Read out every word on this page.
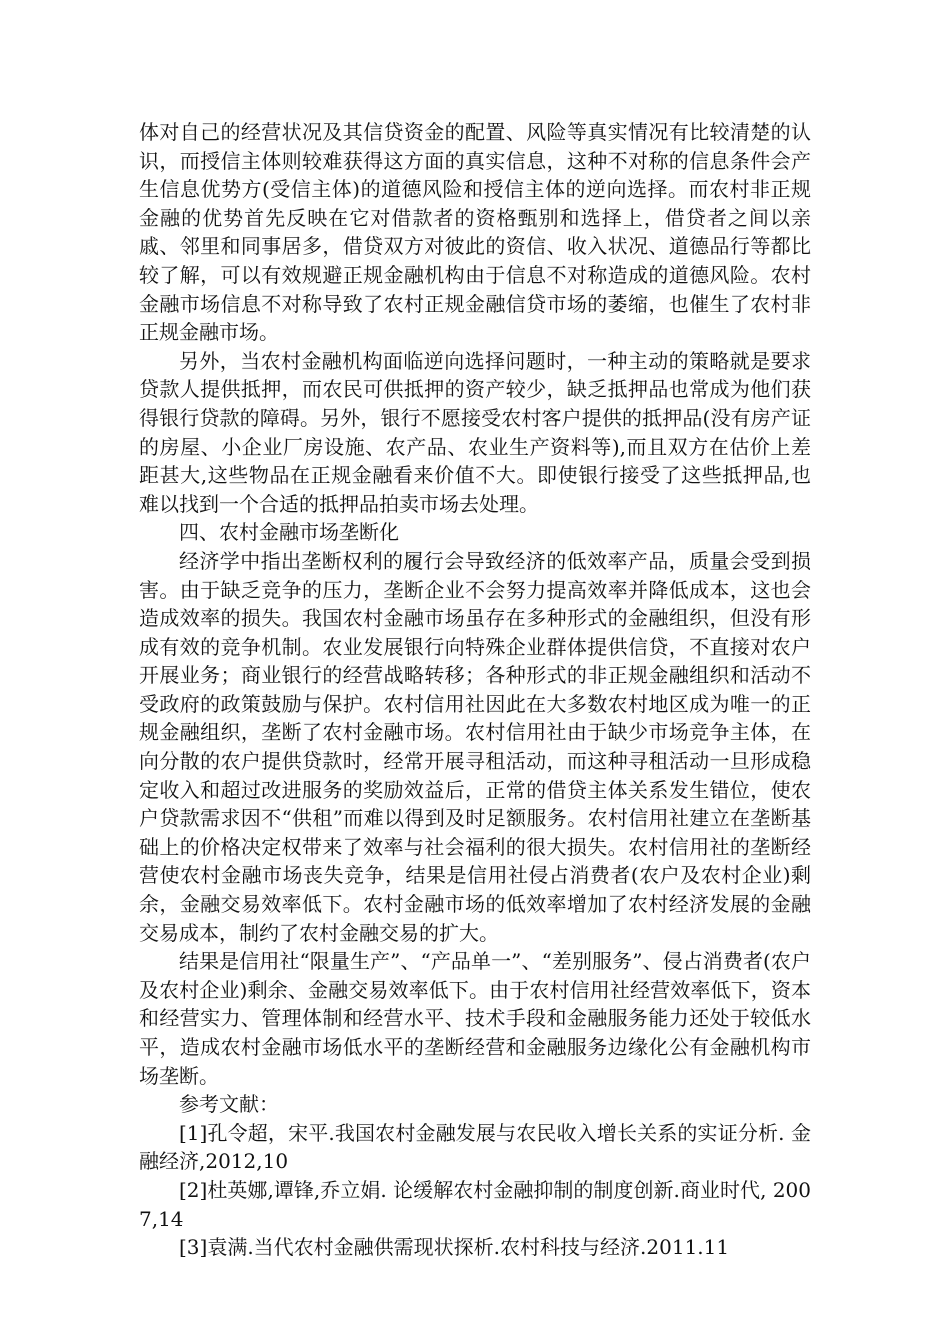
体对自己的经营状况及其信贷资金的配置、风险等真实情况有比较清楚的认识，而授信主体则较难获得这方面的真实信息，这种不对称的信息条件会产生信息优势方(受信主体)的道德风险和授信主体的逆向选择。而农村非正规金融的优势首先反映在它对借款者的资格甄别和选择上，借贷者之间以亲戚、邻里和同事居多，借贷双方对彼此的资信、收入状况、道德品行等都比较了解，可以有效规避正规金融机构由于信息不对称造成的道德风险。农村金融市场信息不对称导致了农村正规金融信贷市场的萎缩，也催生了农村非正规金融市场。

另外，当农村金融机构面临逆向选择问题时，一种主动的策略就是要求贷款人提供抵押，而农民可供抵押的资产较少，缺乏抵押品也常成为他们获得银行贷款的障碍。另外，银行不愿接受农村客户提供的抵押品(没有房产证的房屋、小企业厂房设施、农产品、农业生产资料等),而且双方在估价上差距甚大,这些物品在正规金融看来价值不大。即使银行接受了这些抵押品,也难以找到一个合适的抵押品拍卖市场去处理。

四、农村金融市场垄断化

经济学中指出垄断权利的履行会导致经济的低效率产品，质量会受到损害。由于缺乏竞争的压力，垄断企业不会努力提高效率并降低成本，这也会造成效率的损失。我国农村金融市场虽存在多种形式的金融组织，但没有形成有效的竞争机制。农业发展银行向特殊企业群体提供信贷，不直接对农户开展业务；商业银行的经营战略转移；各种形式的非正规金融组织和活动不受政府的政策鼓励与保护。农村信用社因此在大多数农村地区成为唯一的正规金融组织，垄断了农村金融市场。农村信用社由于缺少市场竞争主体，在向分散的农户提供贷款时，经常开展寻租活动，而这种寻租活动一旦形成稳定收入和超过改进服务的奖励效益后，正常的借贷主体关系发生错位，使农户贷款需求因不“供租”而难以得到及时足额服务。农村信用社建立在垄断基础上的价格决定权带来了效率与社会福利的很大损失。农村信用社的垄断经营使农村金融市场丧失竞争，结果是信用社侵占消费者(农户及农村企业)剩余，金融交易效率低下。农村金融市场的低效率增加了农村经济发展的金融交易成本，制约了农村金融交易的扩大。

结果是信用社“限量生产”、“产品单一”、“差别服务”、侵占消费者(农户及农村企业)剩余、金融交易效率低下。由于农村信用社经营效率低下，资本和经营实力、管理体制和经营水平、技术手段和金融服务能力还处于较低水平，造成农村金融市场低水平的垄断经营和金融服务边缘化公有金融机构市场垄断。

参考文献：

[1]孔令超，宋平.我国农村金融发展与农民收入增长关系的实证分析. 金融经济,2012,10

[2]杜英娜,谭锋,乔立娟. 论缓解农村金融抑制的制度创新.商业时代, 2007,14

[3]袁满.当代农村金融供需现状探析.农村科技与经济.2011.11
